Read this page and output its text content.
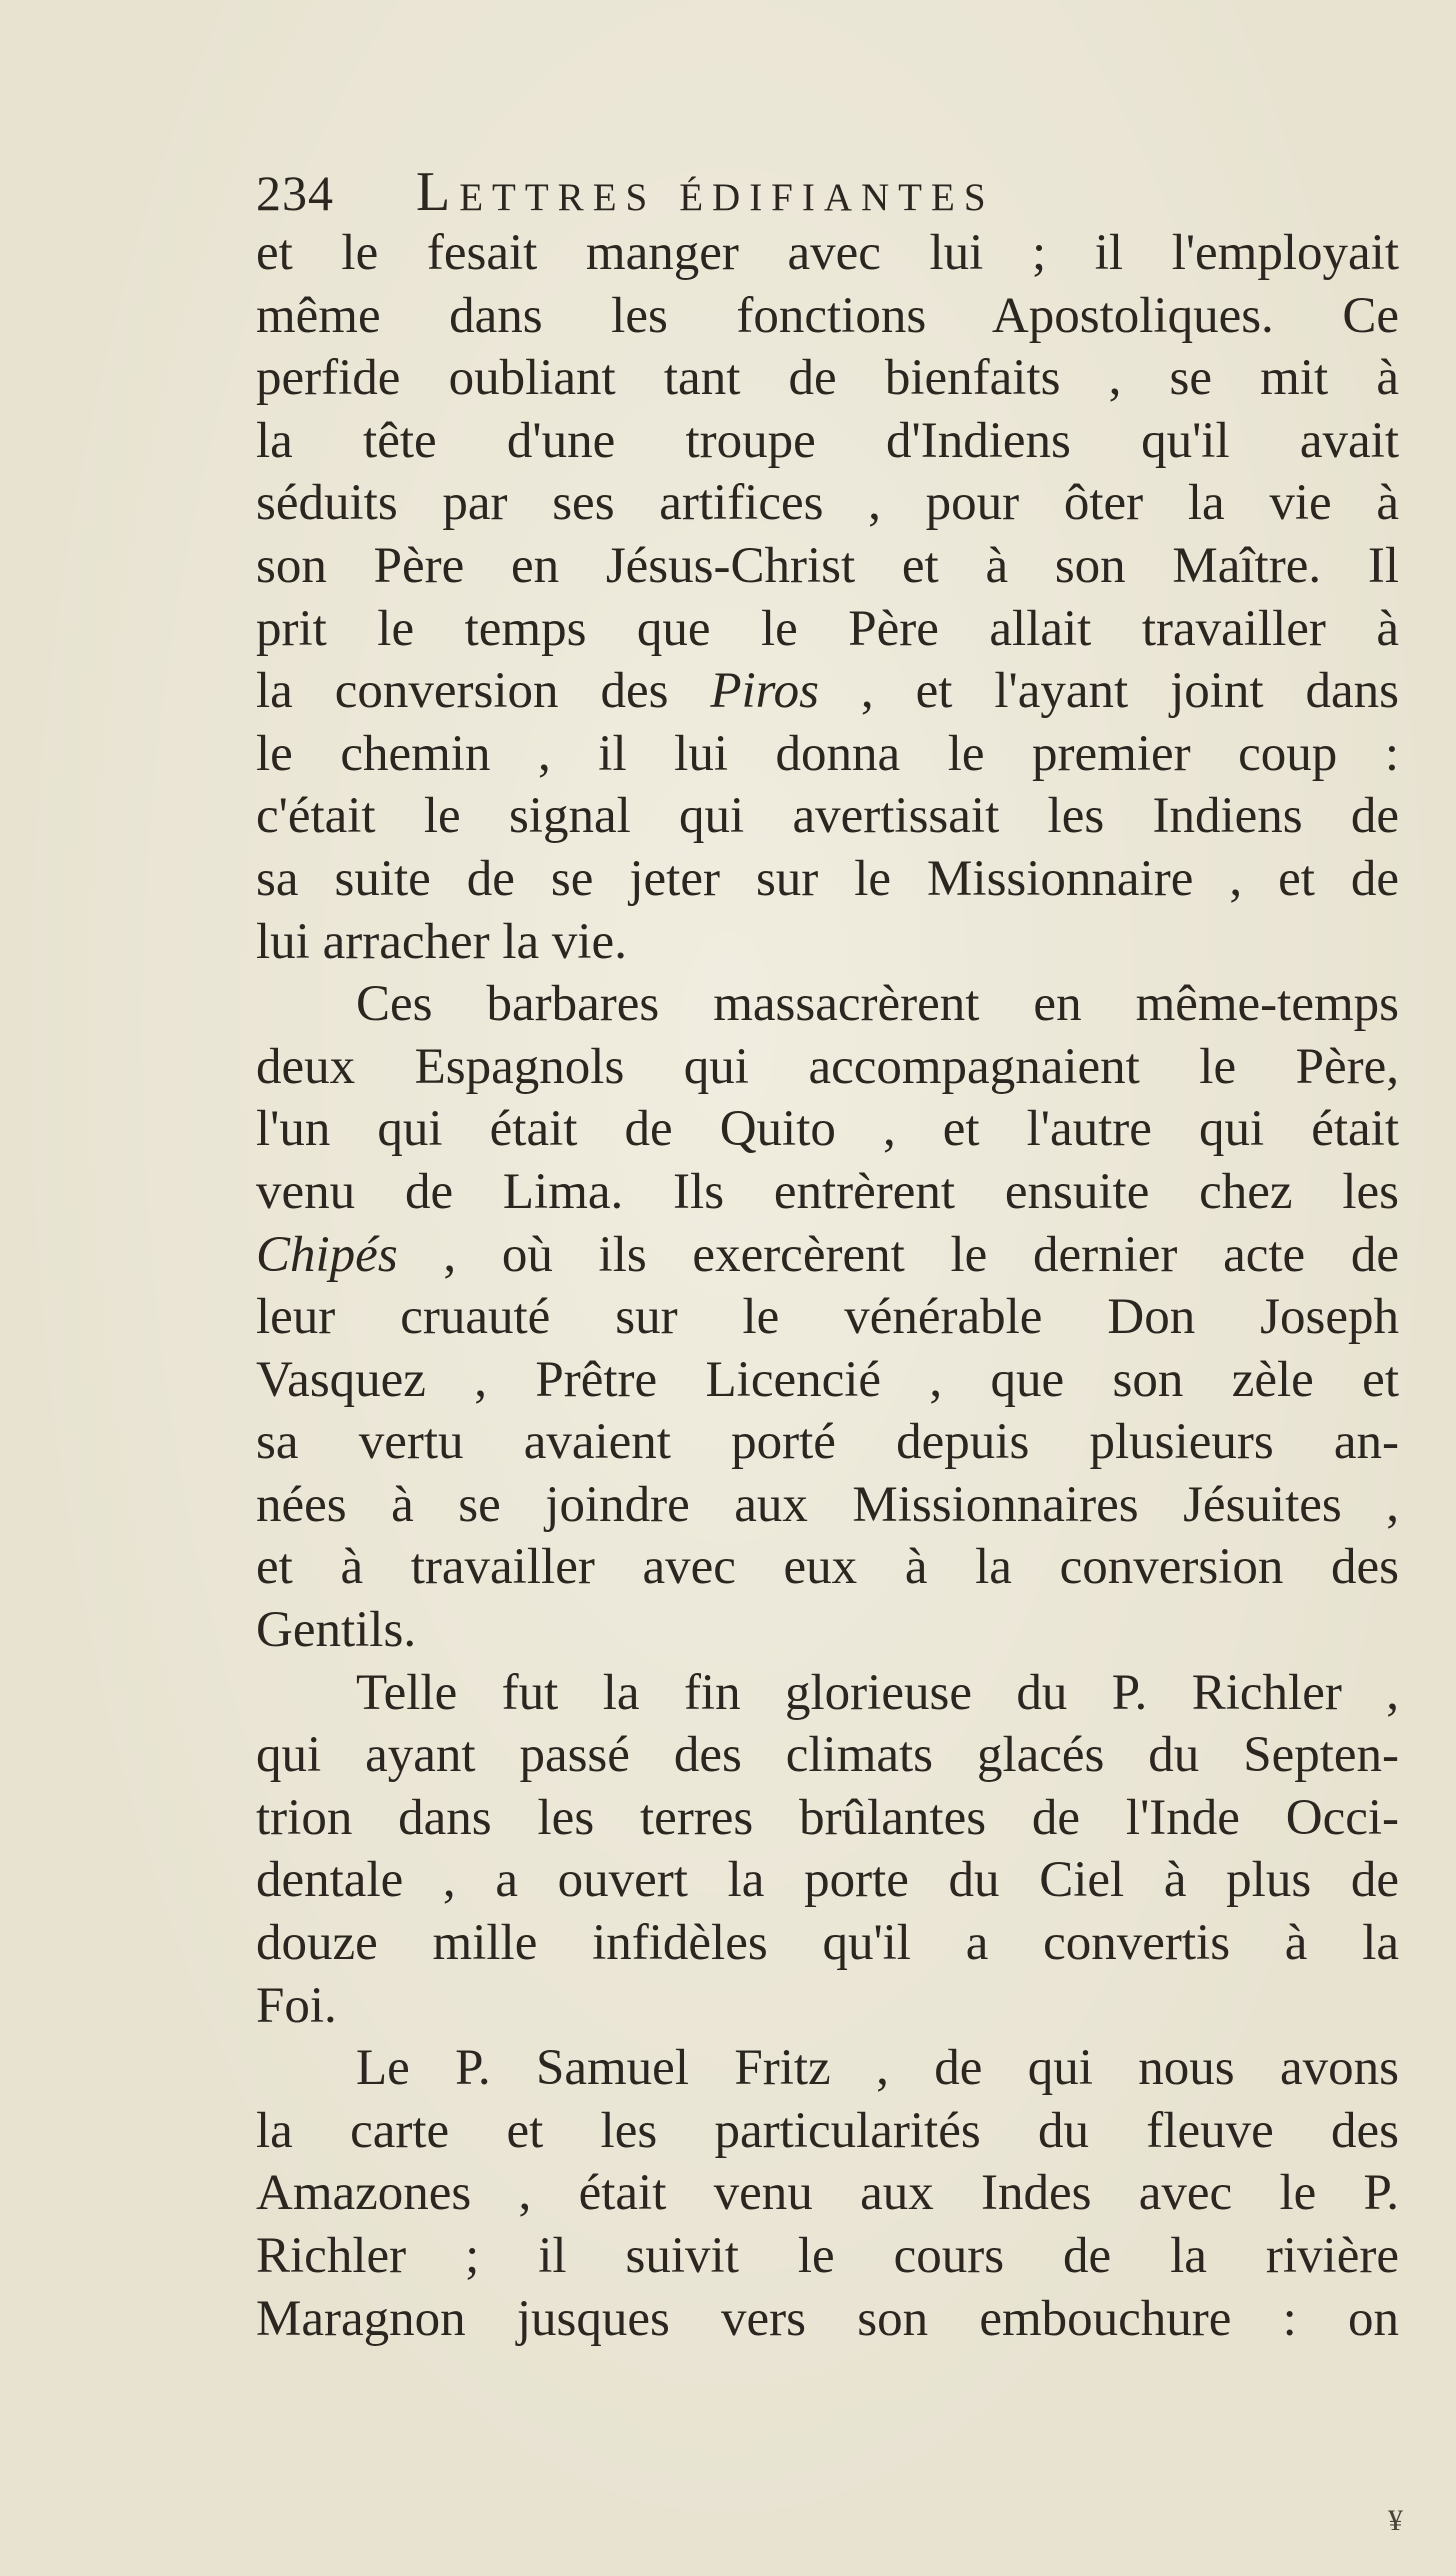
234	Lettres édifiantes
et le fesait manger avec lui ; il l'employait
même dans les fonctions Apostoliques. Ce
perfide oubliant tant de bienfaits , se mit à
la tête d'une troupe d'Indiens qu'il avait
séduits par ses artifices , pour ôter la vie à
son Père en Jésus-Christ et à son Maître. Il
prit le temps que le Père allait travailler à
la conversion des Piros , et l'ayant joint dans
le chemin , il lui donna le premier coup :
c'était le signal qui avertissait les Indiens de
sa suite de se jeter sur le Missionnaire , et de
lui arracher la vie.
Ces barbares massacrèrent en même-temps
deux Espagnols qui accompagnaient le Père,
l'un qui était de Quito , et l'autre qui était
venu de Lima. Ils entrèrent ensuite chez les
Chipés , où ils exercèrent le dernier acte de
leur cruauté sur le vénérable Don Joseph
Vasquez , Prêtre Licencié , que son zèle et
sa vertu avaient porté depuis plusieurs an-
nées à se joindre aux Missionnaires Jésuites ,
et à travailler avec eux à la conversion des
Gentils.
Telle fut la fin glorieuse du P. Richler ,
qui ayant passé des climats glacés du Septen-
trion dans les terres brûlantes de l'Inde Occi-
dentale , a ouvert la porte du Ciel à plus de
douze mille infidèles qu'il a convertis à la
Foi.
Le P. Samuel Fritz , de qui nous avons
la carte et les particularités du fleuve des
Amazones , était venu aux Indes avec le P.
Richler ; il suivit le cours de la rivière
Maragnon jusques vers son embouchure : on
¥
